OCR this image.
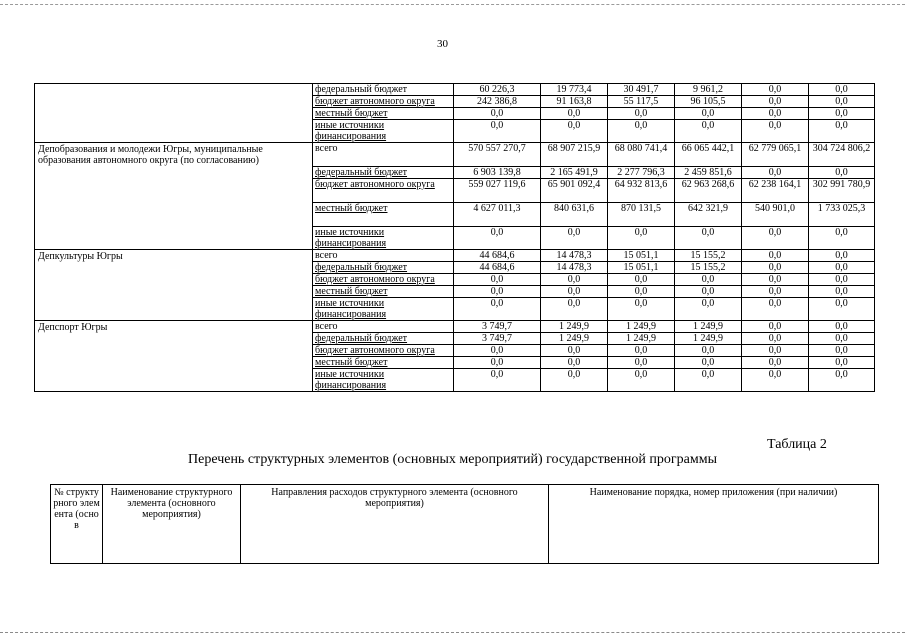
30
	федеральный бюджет	60 226,3	19 773,4	30 491,7	9 961,2	0,0	0,0
	бюджет автономного округа	242 386,8	91 163,8	55 117,5	96 105,5	0,0	0,0
	местный бюджет	0,0	0,0	0,0	0,0	0,0	0,0
	иные источники финансирования	0,0	0,0	0,0	0,0	0,0	0,0
Депобразования и молодежи Югры, муниципальные образования автономного округа (по согласованию)	всего	570 557 270,7	68 907 215,9	68 080 741,4	66 065 442,1	62 779 065,1	304 724 806,2
	федеральный бюджет	6 903 139,8	2 165 491,9	2 277 796,3	2 459 851,6	0,0	0,0
	бюджет автономного округа	559 027 119,6	65 901 092,4	64 932 813,6	62 963 268,6	62 238 164,1	302 991 780,9
	местный бюджет	4 627 011,3	840 631,6	870 131,5	642 321,9	540 901,0	1 733 025,3
	иные источники финансирования	0,0	0,0	0,0	0,0	0,0	0,0
Депкультуры Югры	всего	44 684,6	14 478,3	15 051,1	15 155,2	0,0	0,0
	федеральный бюджет	44 684,6	14 478,3	15 051,1	15 155,2	0,0	0,0
	бюджет автономного округа	0,0	0,0	0,0	0,0	0,0	0,0
	местный бюджет	0,0	0,0	0,0	0,0	0,0	0,0
	иные источники финансирования	0,0	0,0	0,0	0,0	0,0	0,0
Депспорт Югры	всего	3 749,7	1 249,9	1 249,9	1 249,9	0,0	0,0
	федеральный бюджет	3 749,7	1 249,9	1 249,9	1 249,9	0,0	0,0
	бюджет автономного округа	0,0	0,0	0,0	0,0	0,0	0,0
	местный бюджет	0,0	0,0	0,0	0,0	0,0	0,0
	иные источники финансирования	0,0	0,0	0,0	0,0	0,0	0,0
Таблица 2
Перечень структурных элементов (основных мероприятий) государственной программы
№ структурного элемента (основ	Наименование структурного элемента (основного мероприятия)	Направления расходов структурного элемента (основного мероприятия)	Наименование порядка, номер приложения (при наличии)
